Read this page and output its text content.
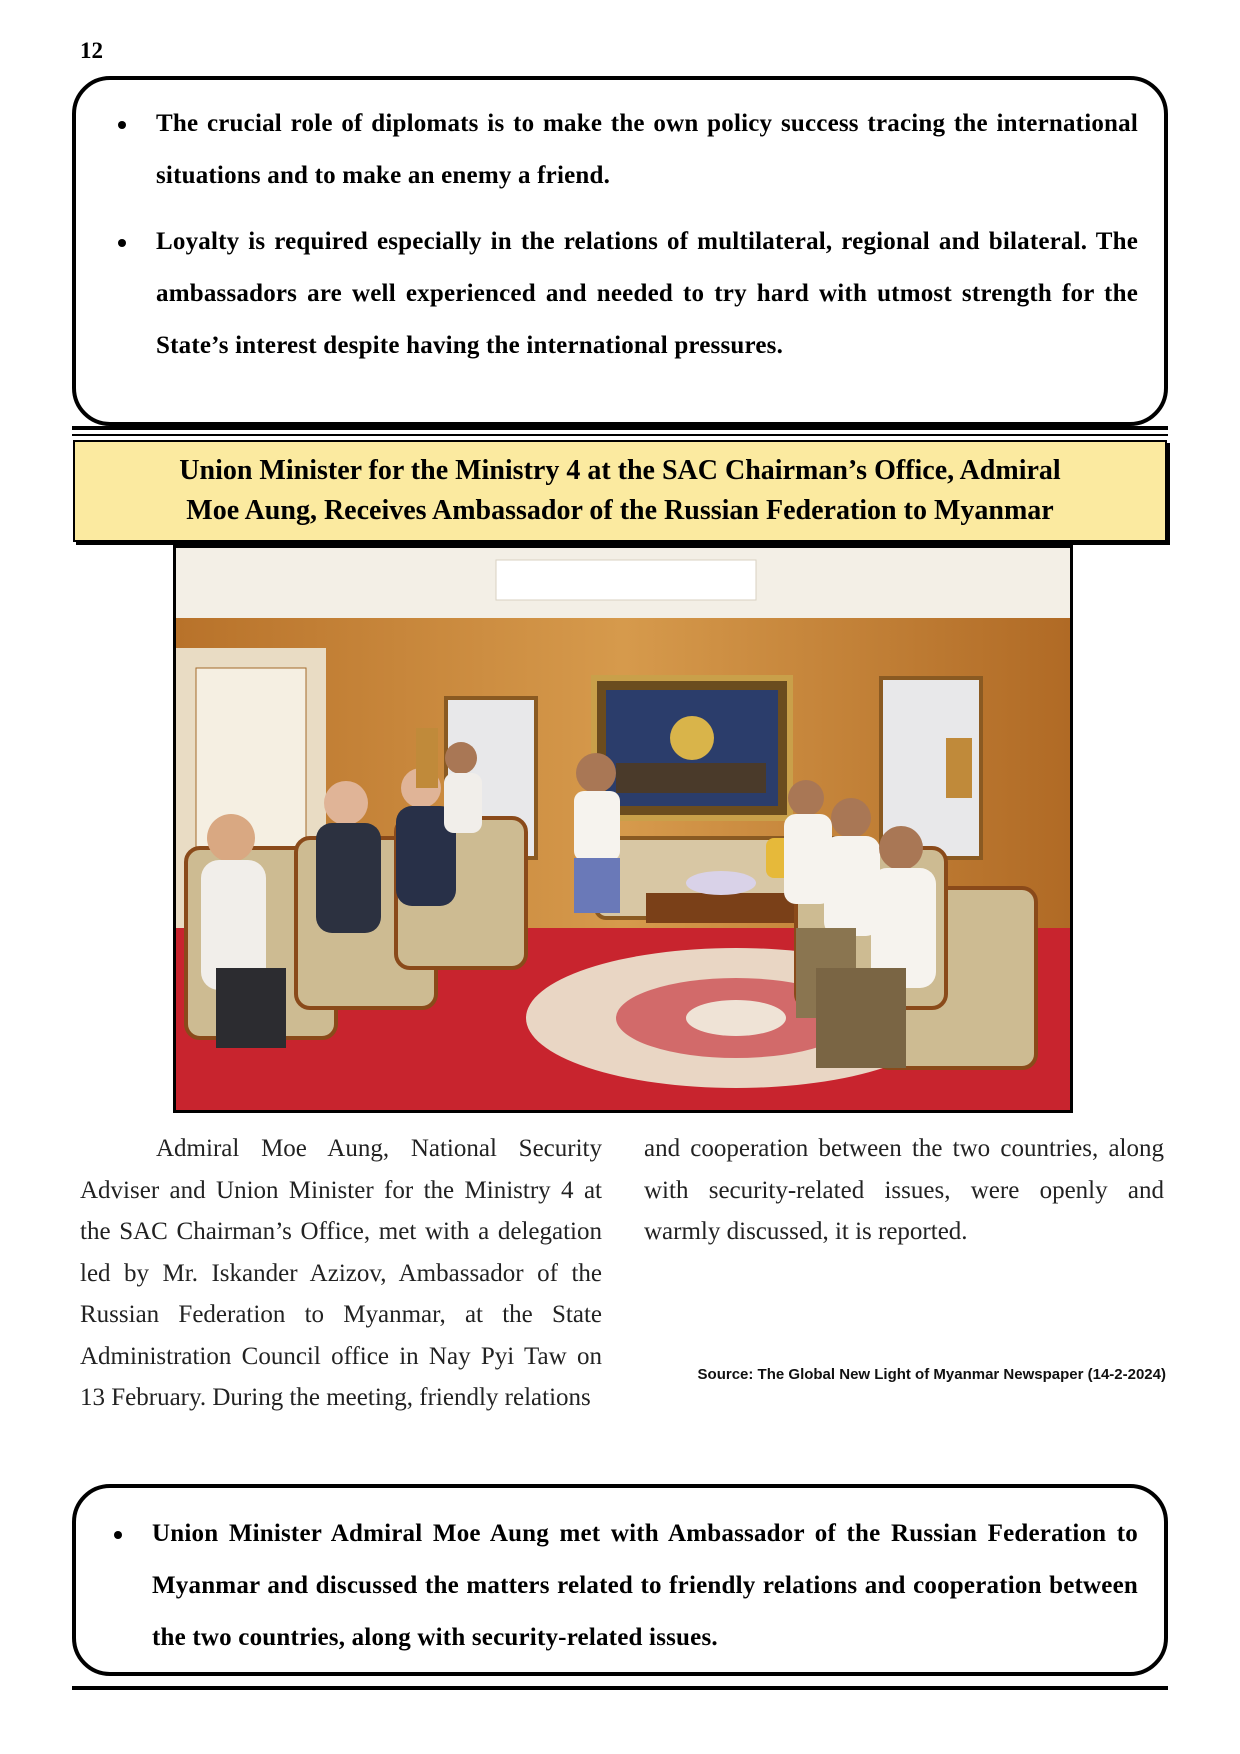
12
The crucial role of diplomats is to make the own policy success tracing the international situations and to make an enemy a friend.
Loyalty is required especially in the relations of multilateral, regional and bilateral. The ambassadors are well experienced and needed to try hard with utmost strength for the State’s interest despite having the international pressures.
Union Minister for the Ministry 4 at the SAC Chairman’s Office, Admiral
Moe Aung, Receives Ambassador of the Russian Federation to Myanmar

Admiral Moe Aung, National Security Adviser and Union Minister for the Ministry 4 at the SAC Chairman’s Office, met with a delegation led by Mr. Iskander Azizov, Ambassador of the Russian Federation to Myanmar, at the State Administration Council office in Nay Pyi Taw on 13 February. During the meeting, friendly relations

and cooperation between the two countries, along with security-related issues, were openly and warmly discussed, it is reported.

Source: The Global New Light of Myanmar Newspaper (14-2-2024)
Union Minister Admiral Moe Aung met with Ambassador of the Russian Federation to Myanmar and discussed the matters related to friendly relations and cooperation between the two countries, along with security-related issues.
